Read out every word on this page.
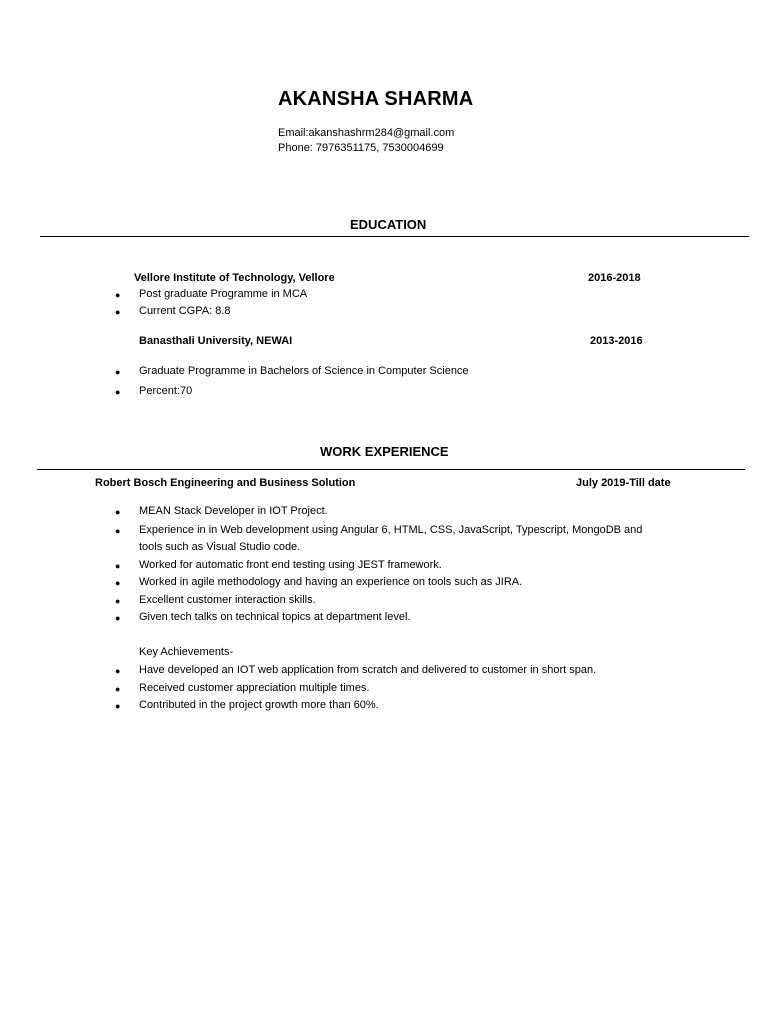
AKANSHA SHARMA
Email:akanshashrm284@gmail.com
Phone: 7976351175, 7530004699
EDUCATION
Vellore Institute of Technology, Vellore	2016-2018
● Post graduate Programme in MCA
● Current CGPA: 8.8
Banasthali University, NEWAI	2013-2016
● Graduate Programme in Bachelors of Science in Computer Science
● Percent:70
WORK EXPERIENCE
Robert Bosch Engineering and Business Solution	July 2019-Till date
● MEAN Stack Developer in IOT Project.
● Experience in in Web development using Angular 6, HTML, CSS, JavaScript, Typescript, MongoDB and
tools such as Visual Studio code.
● Worked for automatic front end testing using JEST framework.
● Worked in agile methodology and having an experience on tools such as JIRA.
● Excellent customer interaction skills.
● Given tech talks on technical topics at department level.
Key Achievements-
● Have developed an IOT web application from scratch and delivered to customer in short span.
● Received customer appreciation multiple times.
● Contributed in the project growth more than 60%.
